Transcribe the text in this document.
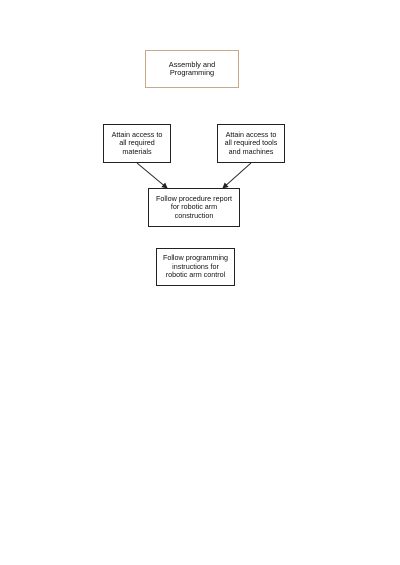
Assembly and Programming
Attain access to all required materials
Attain access to all required tools and machines
Follow procedure report for robotic arm construction
Follow programming instructions for robotic arm control
